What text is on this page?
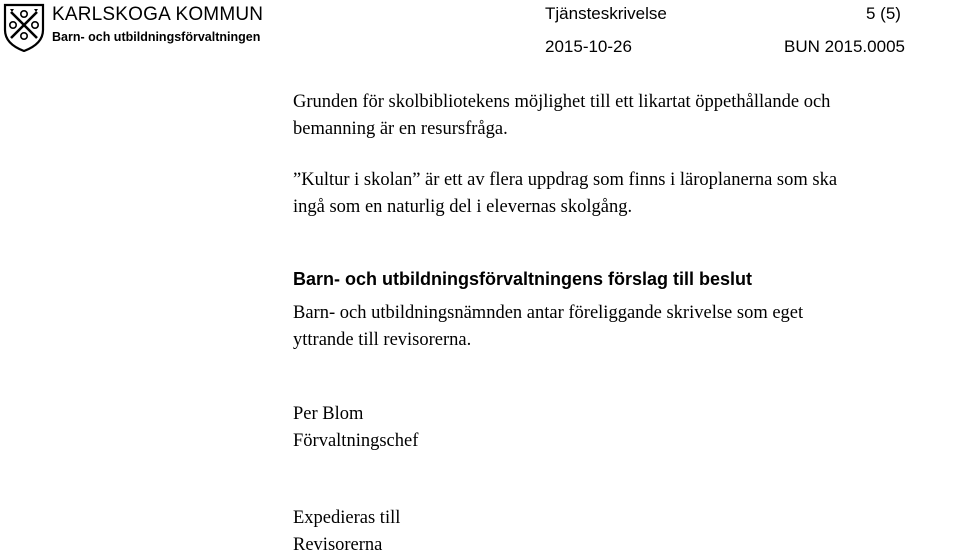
KARLSKOGA KOMMUN
Barn- och utbildningsförvaltningen
Tjänsteskrivelse	5 (5)
2015-10-26	BUN 2015.0005
Grunden för skolbibliotekens möjlighet till ett likartat öppethållande och
bemanning är en resursfråga.
”Kultur i skolan” är ett av flera uppdrag som finns i läroplanerna som ska
ingå som en naturlig del i elevernas skolgång.
Barn- och utbildningsförvaltningens förslag till beslut
Barn- och utbildningsnämnden antar föreliggande skrivelse som eget
yttrande till revisorerna.
Per Blom
Förvaltningschef
Expedieras till
Revisorerna
